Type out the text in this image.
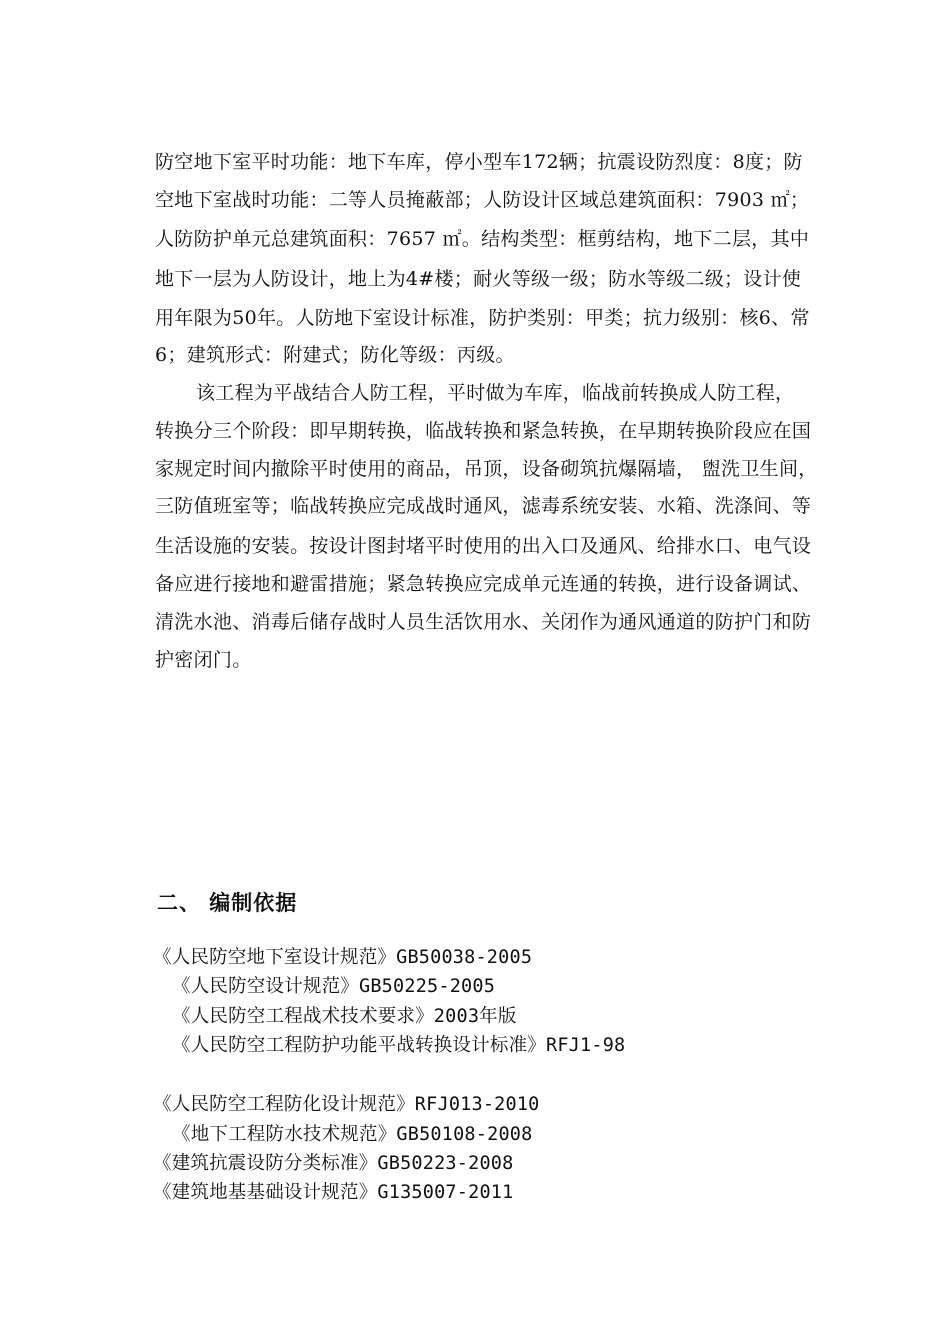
防空地下室平时功能：地下车库，停小型车172辆；抗震设防烈度：8度；防
空地下室战时功能：二等人员掩蔽部；人防设计区域总建筑面积：7903 ㎡；
人防防护单元总建筑面积：7657 ㎡。结构类型：框剪结构，地下二层，其中
地下一层为人防设计，地上为4#楼；耐火等级一级；防水等级二级；设计使
用年限为50年。人防地下室设计标准，防护类别：甲类；抗力级别：核6、常
6；建筑形式：附建式；防化等级：丙级。
该工程为平战结合人防工程，平时做为车库，临战前转换成人防工程，
转换分三个阶段：即早期转换，临战转换和紧急转换，在早期转换阶段应在国
家规定时间内撤除平时使用的商品，吊顶，设备砌筑抗爆隔墙， 盥洗卫生间，
三防值班室等；临战转换应完成战时通风，滤毒系统安装、水箱、洗涤间、等
生活设施的安装。按设计图封堵平时使用的出入口及通风、给排水口、电气设
备应进行接地和避雷措施；紧急转换应完成单元连通的转换，进行设备调试、
清洗水池、消毒后储存战时人员生活饮用水、关闭作为通风通道的防护门和防
护密闭门。
二、 编制依据
《人民防空地下室设计规范》GB50038-2005
《人民防空设计规范》GB50225-2005
《人民防空工程战术技术要求》2003年版
《人民防空工程防护功能平战转换设计标准》RFJ1-98
《人民防空工程防化设计规范》RFJ013-2010
《地下工程防水技术规范》GB50108-2008
《建筑抗震设防分类标准》GB50223-2008
《建筑地基基础设计规范》G135007-2011
